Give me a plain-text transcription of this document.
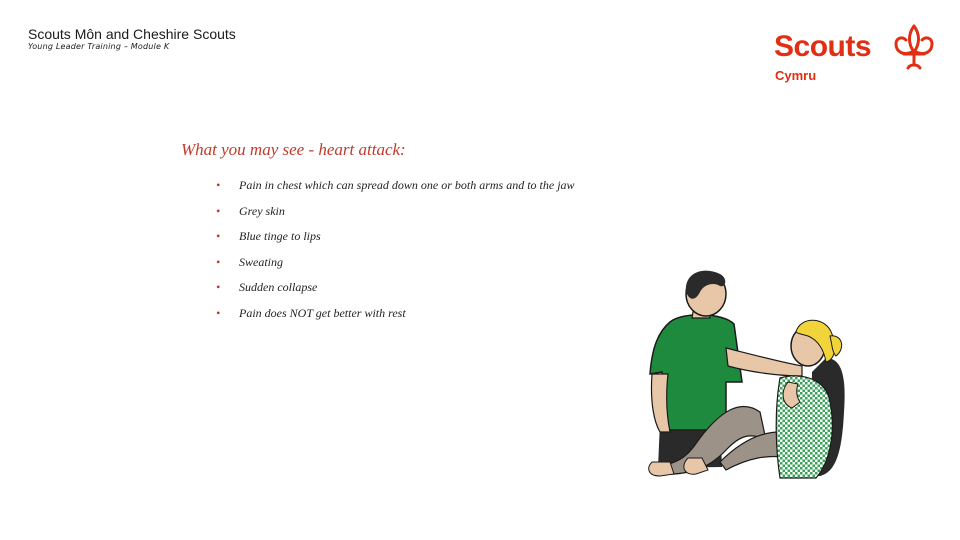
Scouts Môn and Cheshire Scouts
Young Leader Training – Module K	Scouts
Cymru
What you may see - heart attack:
• Pain in chest which can spread down one or both arms and to the jaw
• Grey skin
• Blue tinge to lips
• Sweating
• Sudden collapse
• Pain does NOT get better with rest
